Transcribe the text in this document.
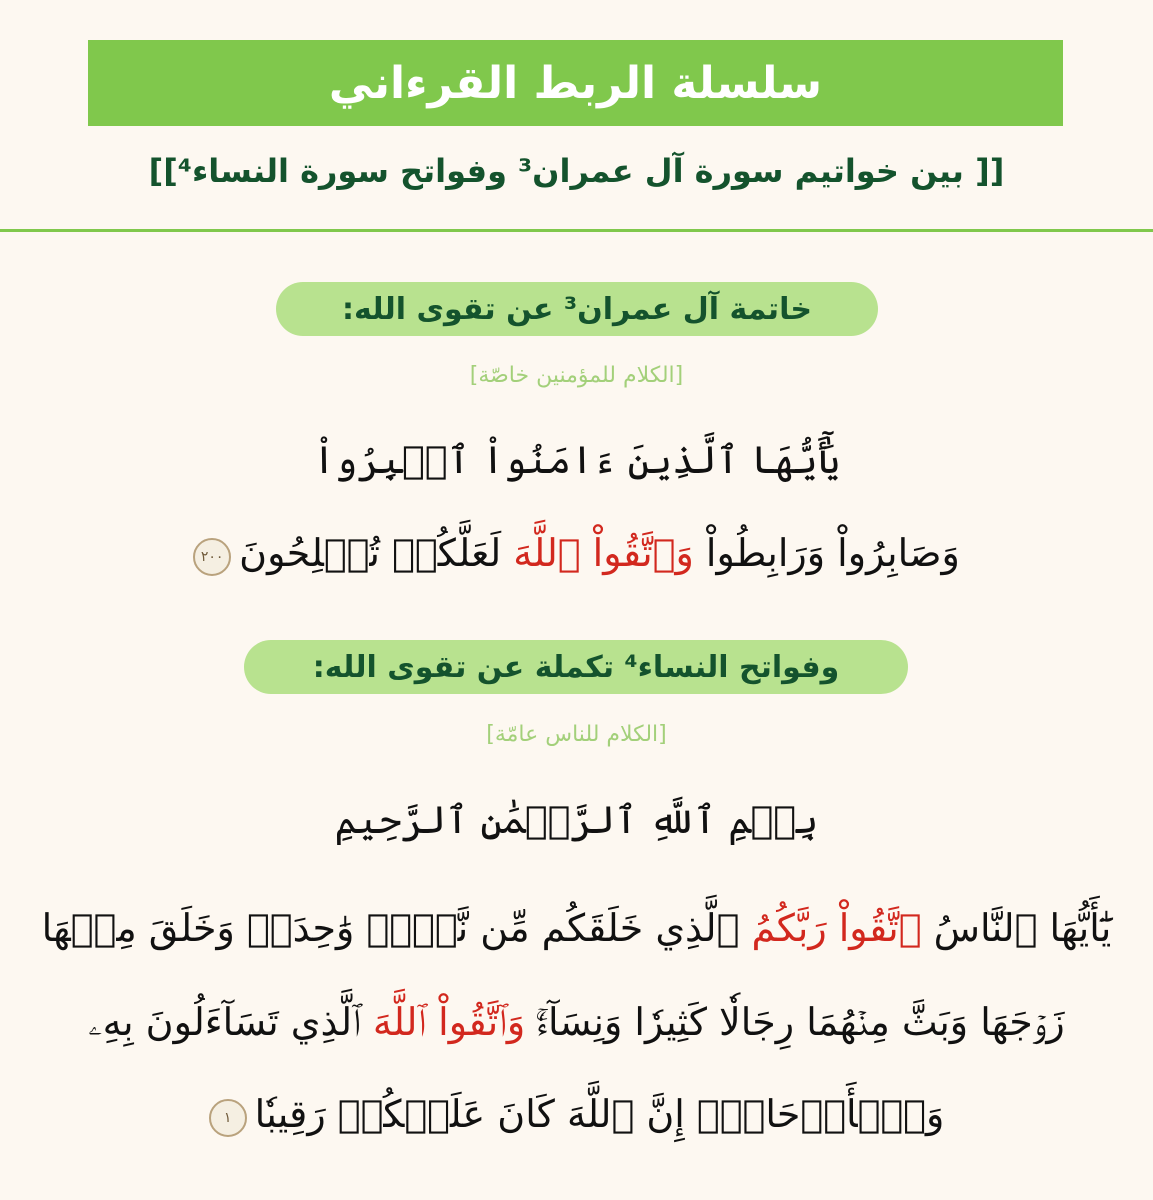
سلسلة الربط القرءاني
[[ بين خواتيم سورة آل عمران³ وفواتح سورة النساء⁴]]
خاتمة آل عمران³ عن تقوى الله:
[الكلام للمؤمنين خاصّة]
يَٰٓأَيُّهَا ٱلَّذِينَ ءَامَنُواْ ٱصۡبِرُواْ
وَصَابِرُواْ وَرَابِطُواْ وَٱتَّقُواْ ٱللَّهَ لَعَلَّكُمۡ تُفۡلِحُونَ٢٠٠
وفواتح النساء⁴ تكملة عن تقوى الله:
[الكلام للناس عامّة]
بِسۡمِ ٱللَّهِ ٱلرَّحۡمَٰنِ ٱلرَّحِيمِ
يَٰٓأَيُّهَا ٱلنَّاسُ ٱتَّقُواْ رَبَّكُمُ ٱلَّذِي خَلَقَكُم مِّن نَّفۡسٖ وَٰحِدَةٖ وَخَلَقَ مِنۡهَا
زَوۡجَهَا وَبَثَّ مِنۡهُمَا رِجَالٗا كَثِيرٗا وَنِسَآءٗۚ وَٱتَّقُواْ ٱللَّهَ ٱلَّذِي تَسَآءَلُونَ بِهِۦ
وَٱلۡأَرۡحَامَۚ إِنَّ ٱللَّهَ كَانَ عَلَيۡكُمۡ رَقِيبٗا١
